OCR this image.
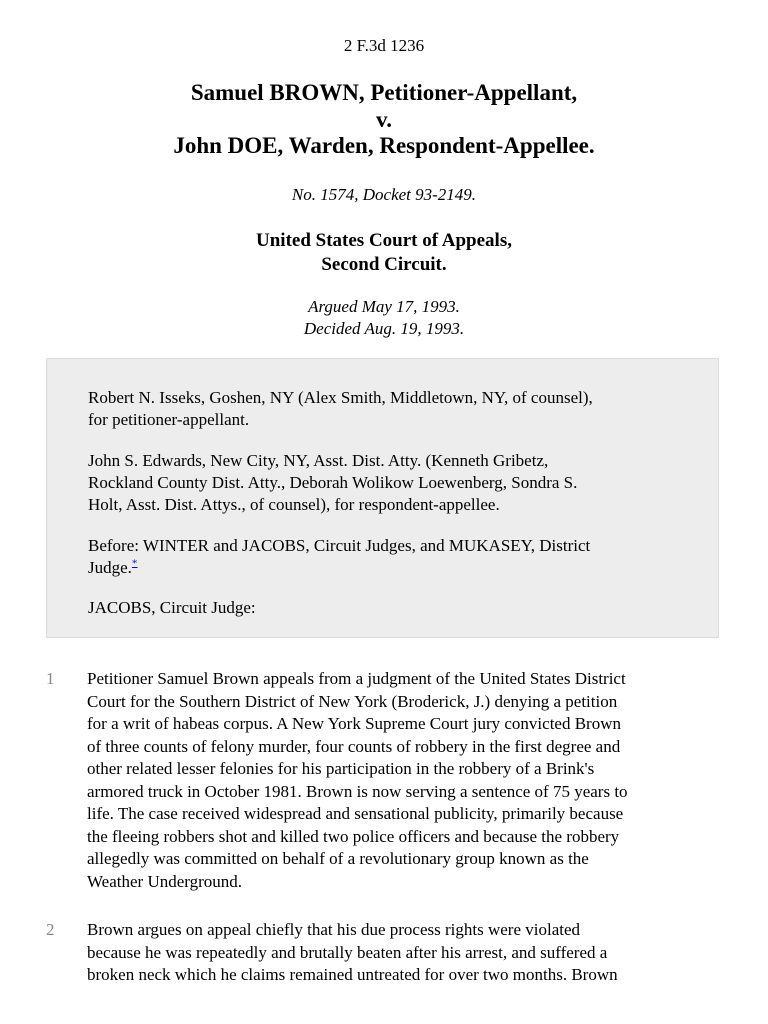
2 F.3d 1236
Samuel BROWN, Petitioner-Appellant,
v.
John DOE, Warden, Respondent-Appellee.
No. 1574, Docket 93-2149.
United States Court of Appeals,
Second Circuit.
Argued May 17, 1993.
Decided Aug. 19, 1993.
Robert N. Isseks, Goshen, NY (Alex Smith, Middletown, NY, of counsel),
for petitioner-appellant.
John S. Edwards, New City, NY, Asst. Dist. Atty. (Kenneth Gribetz,
Rockland County Dist. Atty., Deborah Wolikow Loewenberg, Sondra S.
Holt, Asst. Dist. Attys., of counsel), for respondent-appellee.
Before: WINTER and JACOBS, Circuit Judges, and MUKASEY, District
Judge.*
JACOBS, Circuit Judge:
1 Petitioner Samuel Brown appeals from a judgment of the United States District
Court for the Southern District of New York (Broderick, J.) denying a petition
for a writ of habeas corpus. A New York Supreme Court jury convicted Brown
of three counts of felony murder, four counts of robbery in the first degree and
other related lesser felonies for his participation in the robbery of a Brink's
armored truck in October 1981. Brown is now serving a sentence of 75 years to
life. The case received widespread and sensational publicity, primarily because
the fleeing robbers shot and killed two police officers and because the robbery
allegedly was committed on behalf of a revolutionary group known as the
Weather Underground.
2 Brown argues on appeal chiefly that his due process rights were violated
because he was repeatedly and brutally beaten after his arrest, and suffered a
broken neck which he claims remained untreated for over two months. Brown
